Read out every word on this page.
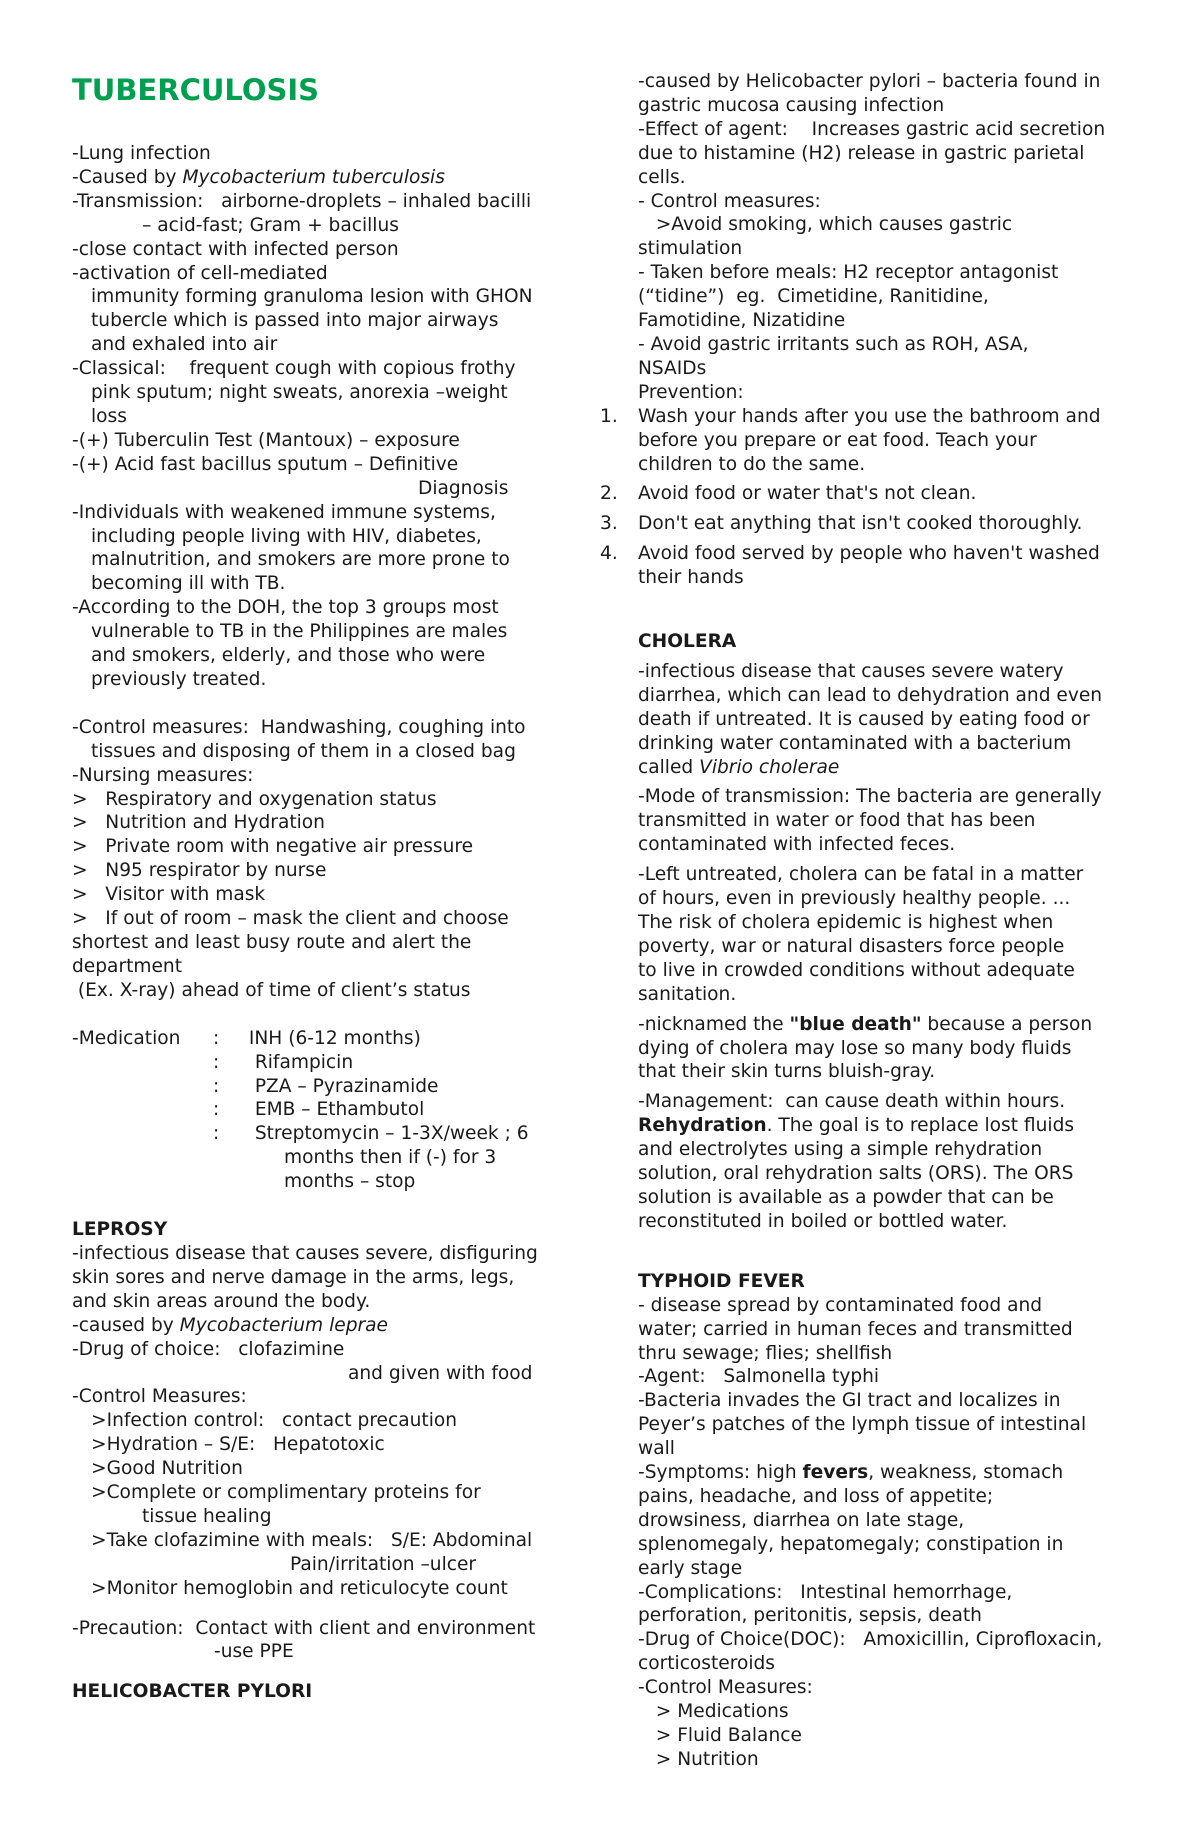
TUBERCULOSIS
-Lung infection
-Caused by Mycobacterium tuberculosis
-Transmission:   airborne-droplets – inhaled bacilli
– acid-fast; Gram + bacillus
-close contact with infected person
-activation of cell-mediated
immunity forming granuloma lesion with GHON
tubercle which is passed into major airways
and exhaled into air
-Classical:    frequent cough with copious frothy
pink sputum; night sweats, anorexia –weight
loss
-(+) Tuberculin Test (Mantoux) – exposure
-(+) Acid fast bacillus sputum – Definitive
Diagnosis
-Individuals with weakened immune systems,
including people living with HIV, diabetes,
malnutrition, and smokers are more prone to
becoming ill with TB.
-According to the DOH, the top 3 groups most
vulnerable to TB in the Philippines are males
and smokers, elderly, and those who were
previously treated.
-Control measures:  Handwashing, coughing into
tissues and disposing of them in a closed bag
-Nursing measures:
>   Respiratory and oxygenation status
>   Nutrition and Hydration
>   Private room with negative air pressure
>   N95 respirator by nurse
>   Visitor with mask
>   If out of room – mask the client and choose
shortest and least busy route and alert the
department
(Ex. X-ray) ahead of time of client’s status
-Medication	:	INH (6-12 months)
:	Rifampicin
:	PZA – Pyrazinamide
:	EMB – Ethambutol
:	Streptomycin – 1-3X/week ; 6
months then if (-) for 3
months – stop
LEPROSY
-infectious disease that causes severe, disfiguring
skin sores and nerve damage in the arms, legs,
and skin areas around the body.
-caused by Mycobacterium leprae
-Drug of choice:   clofazimine
and given with food
-Control Measures:
>Infection control:   contact precaution
>Hydration – S/E:   Hepatotoxic
>Good Nutrition
>Complete or complimentary proteins for
tissue healing
>Take clofazimine with meals:   S/E: Abdominal
Pain/irritation –ulcer
>Monitor hemoglobin and reticulocyte count
-Precaution:  Contact with client and environment
-use PPE
HELICOBACTER PYLORI
-caused by Helicobacter pylori – bacteria found in
gastric mucosa causing infection
-Effect of agent:    Increases gastric acid secretion
due to histamine (H2) release in gastric parietal
cells.
- Control measures:
>Avoid smoking, which causes gastric
stimulation
- Taken before meals: H2 receptor antagonist
(“tidine”)  eg.  Cimetidine, Ranitidine,
Famotidine, Nizatidine
- Avoid gastric irritants such as ROH, ASA,
NSAIDs
Prevention:
1.	Wash your hands after you use the bathroom and
before you prepare or eat food. Teach your
children to do the same.
2.	Avoid food or water that's not clean.
3.	Don't eat anything that isn't cooked thoroughly.
4.	Avoid food served by people who haven't washed
their hands
CHOLERA
-infectious disease that causes severe watery
diarrhea, which can lead to dehydration and even
death if untreated. It is caused by eating food or
drinking water contaminated with a bacterium
called Vibrio cholerae
-Mode of transmission: The bacteria are generally
transmitted in water or food that has been
contaminated with infected feces.
-Left untreated, cholera can be fatal in a matter
of hours, even in previously healthy people. ...
The risk of cholera epidemic is highest when
poverty, war or natural disasters force people
to live in crowded conditions without adequate
sanitation.
-nicknamed the "blue death" because a person
dying of cholera may lose so many body fluids
that their skin turns bluish-gray.
-Management:  can cause death within hours.
Rehydration. The goal is to replace lost fluids
and electrolytes using a simple rehydration
solution, oral rehydration salts (ORS). The ORS
solution is available as a powder that can be
reconstituted in boiled or bottled water.
TYPHOID FEVER
- disease spread by contaminated food and
water; carried in human feces and transmitted
thru sewage; flies; shellfish
-Agent:   Salmonella typhi
-Bacteria invades the GI tract and localizes in
Peyer’s patches of the lymph tissue of intestinal
wall
-Symptoms: high fevers, weakness, stomach
pains, headache, and loss of appetite;
drowsiness, diarrhea on late stage,
splenomegaly, hepatomegaly; constipation in
early stage
-Complications:   Intestinal hemorrhage,
perforation, peritonitis, sepsis, death
-Drug of Choice(DOC):   Amoxicillin, Ciprofloxacin,
corticosteroids
-Control Measures:
> Medications
> Fluid Balance
> Nutrition
